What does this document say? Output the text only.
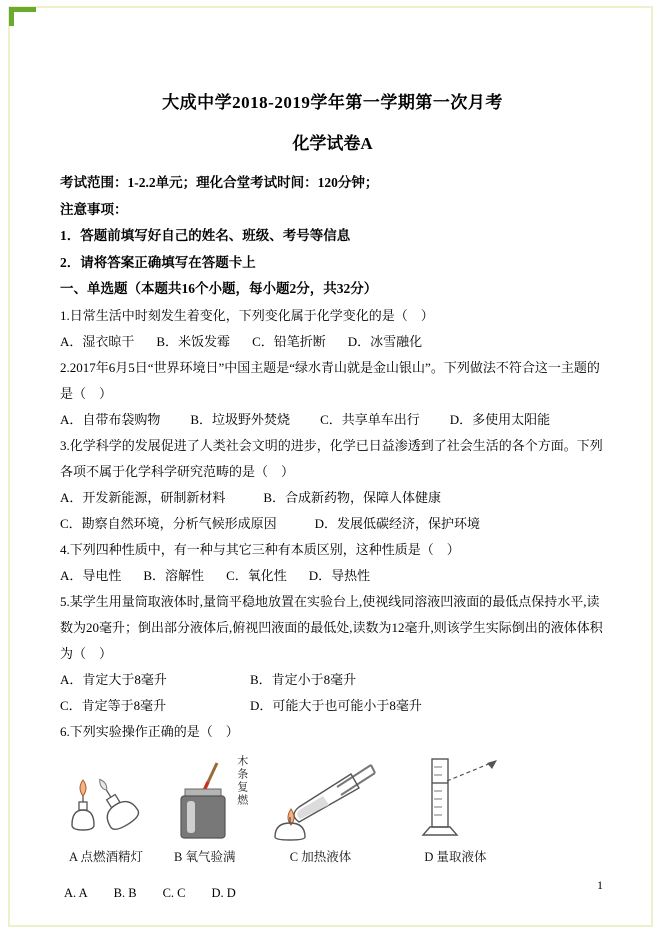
大成中学2018-2019学年第一学期第一次月考
化学试卷A

考试范围：1-2.2单元；理化合堂考试时间：120分钟；

注意事项：

1．答题前填写好自己的姓名、班级、考号等信息

2．请将答案正确填写在答题卡上

一、单选题（本题共16个小题，每小题2分，共32分）

1.日常生活中时刻发生着变化，下列变化属于化学变化的是（　）

A．湿衣晾干 B．米饭发霉 C．铅笔折断 D．冰雪融化

2.2017年6月5日“世界环境日”中国主题是“绿水青山就是金山银山”。下列做法不符合这一主题的是（　）

A．自带布袋购物 B．垃圾野外焚烧 C．共享单车出行 D．多使用太阳能

3.化学科学的发展促进了人类社会文明的进步，化学已日益渗透到了社会生活的各个方面。下列各项不属于化学科学研究范畴的是（　）

A．开发新能源，研制新材料	B．合成新药物，保障人体健康
C．勘察自然环境，分析气候形成原因	D．发展低碳经济，保护环境

4.下列四种性质中，有一种与其它三种有本质区别，这种性质是（　）

A．导电性 B．溶解性 C．氧化性 D．导热性

5.某学生用量筒取液体时,量筒平稳地放置在实验台上,使视线同溶液凹液面的最低点保持水平,读数为20毫升；倒出部分液体后,俯视凹液面的最低处,读数为12毫升,则该学生实际倒出的液体体积为（　）

A．肯定大于8毫升	B．肯定小于8毫升
C．肯定等于8毫升	D．可能大于也可能小于8毫升

6.下列实验操作正确的是（　）

A 点燃酒精灯
木条复燃
B 氧气验满	C 加热液体	D 量取液体
A. A B. B C. C D. D
1
